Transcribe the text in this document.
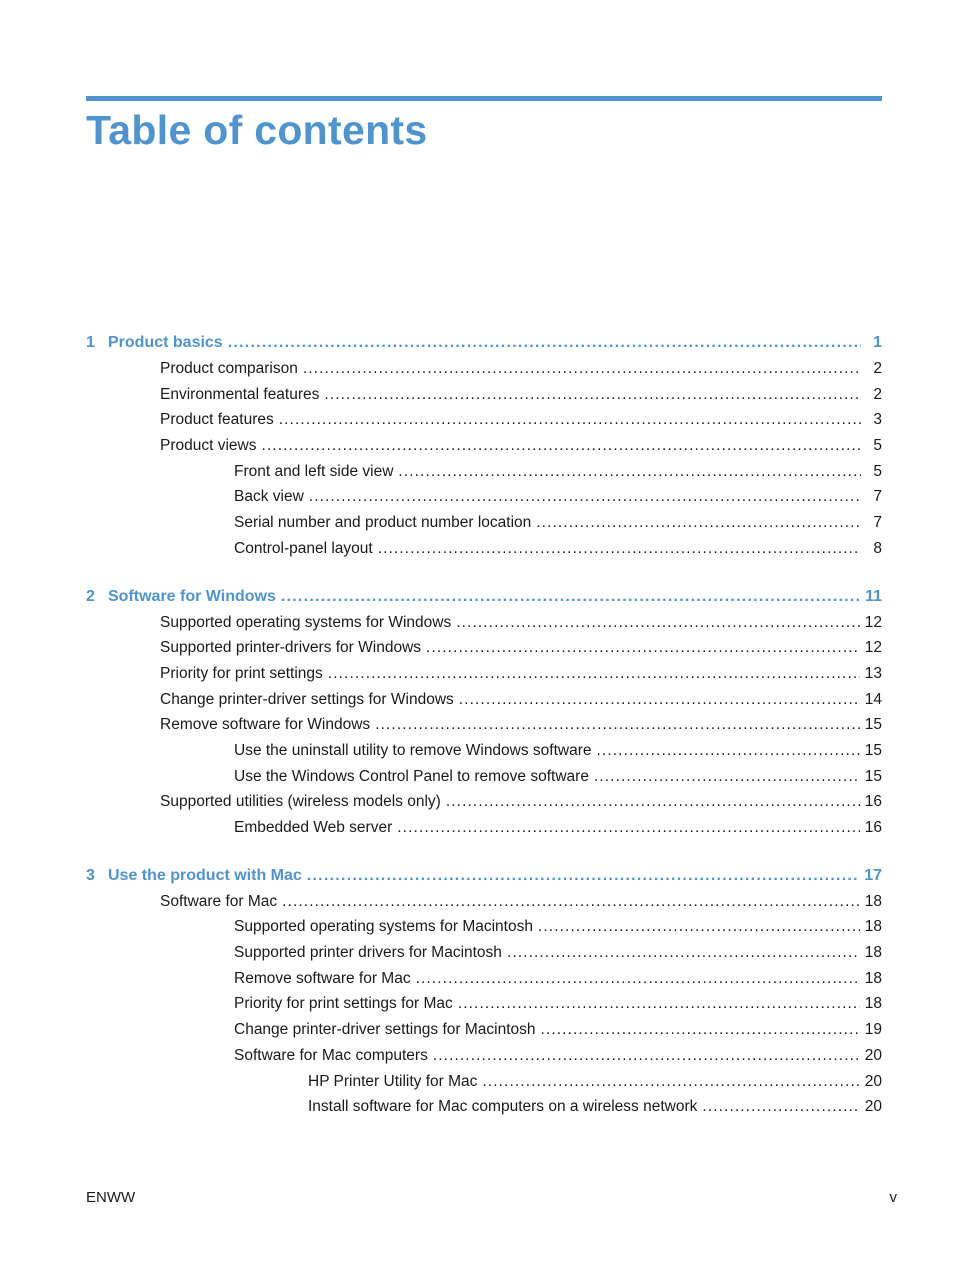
Table of contents
1 Product basics . . .	1
Product comparison . . .	2
Environmental features . . .	2
Product features . . .	3
Product views . . .	5
Front and left side view . . .	5
Back view . . .	7
Serial number and product number location . . .	7
Control-panel layout . . .	8
2 Software for Windows . . .	11
Supported operating systems for Windows . . .	12
Supported printer-drivers for Windows . . .	12
Priority for print settings . . .	13
Change printer-driver settings for Windows . . .	14
Remove software for Windows . . .	15
Use the uninstall utility to remove Windows software . . .	15
Use the Windows Control Panel to remove software . . .	15
Supported utilities (wireless models only) . . .	16
Embedded Web server . . .	16
3 Use the product with Mac . . .	17
Software for Mac . . .	18
Supported operating systems for Macintosh . . .	18
Supported printer drivers for Macintosh . . .	18
Remove software for Mac . . .	18
Priority for print settings for Mac . . .	18
Change printer-driver settings for Macintosh . . .	19
Software for Mac computers . . .	20
HP Printer Utility for Mac . . .	20
Install software for Mac computers on a wireless network . . .	20
ENWW	v
